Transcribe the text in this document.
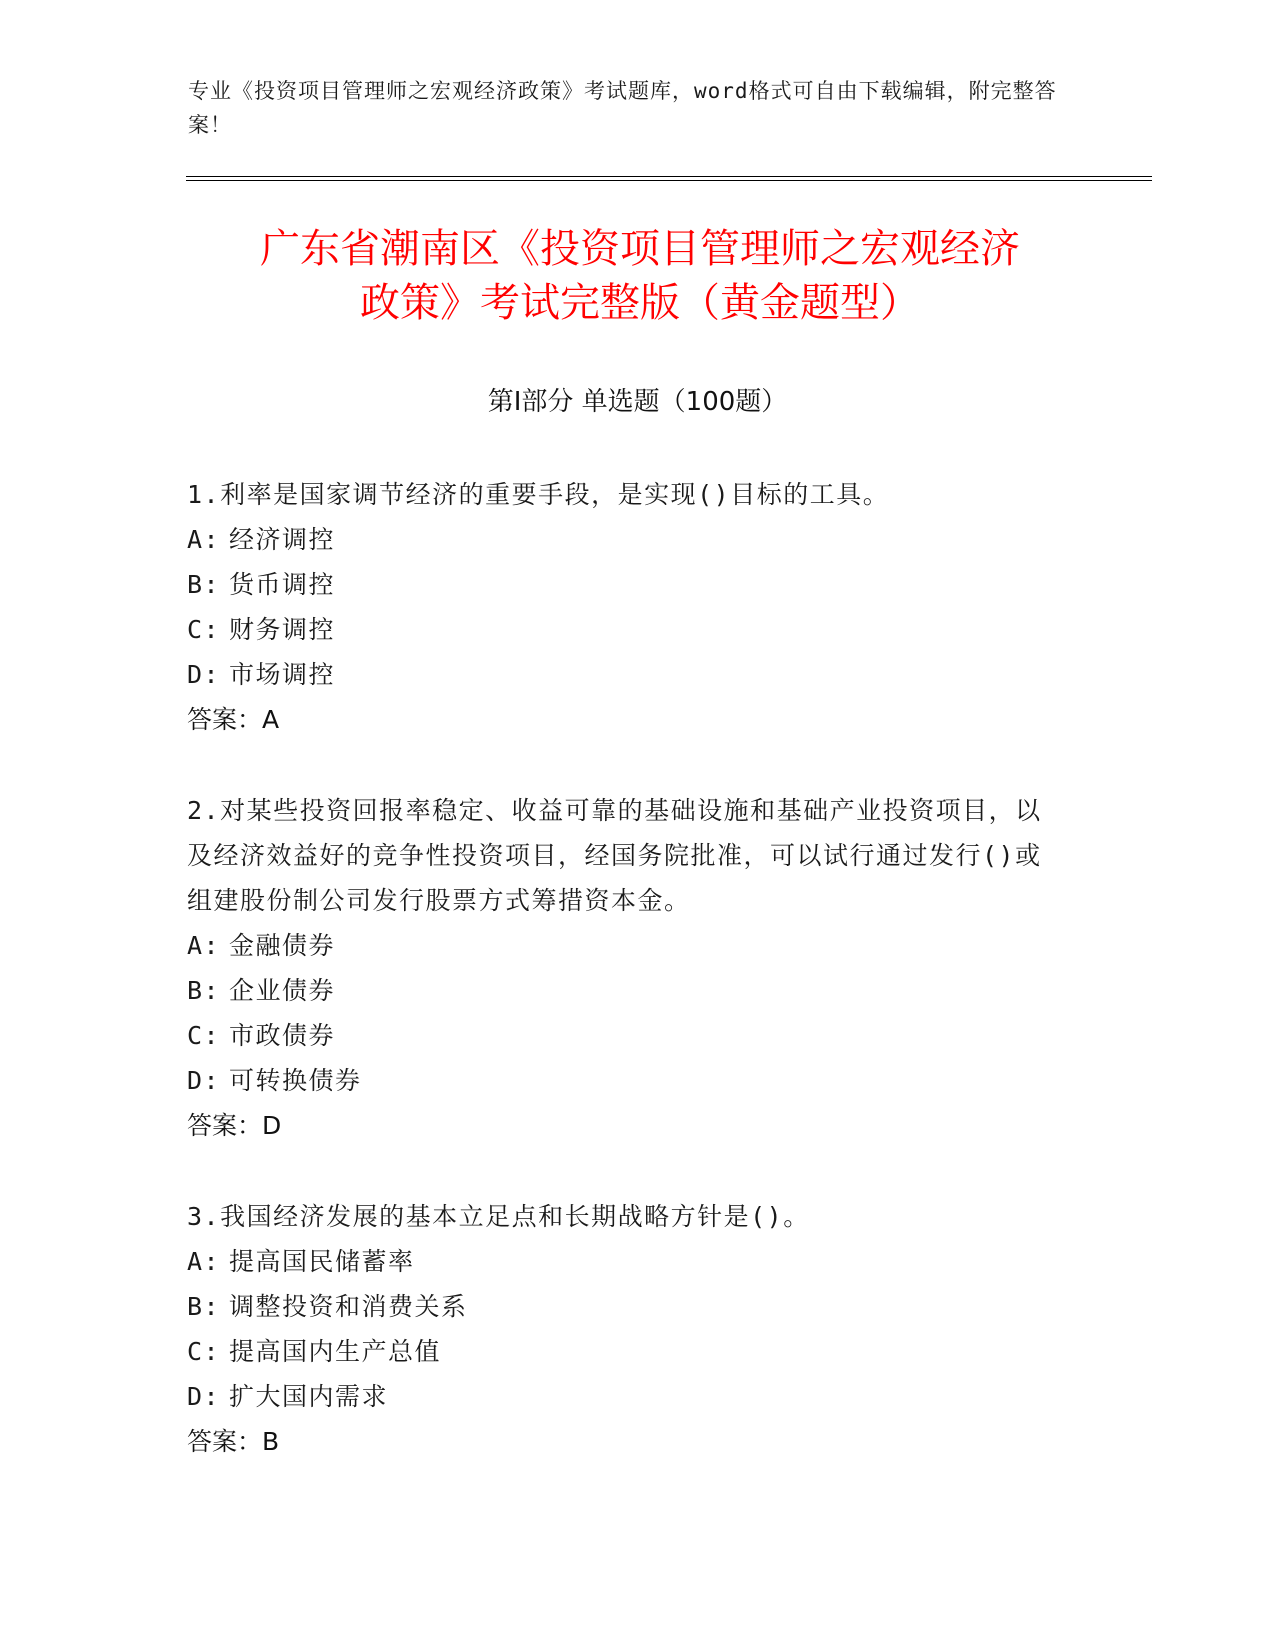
专业《投资项目管理师之宏观经济政策》考试题库，word格式可自由下载编辑，附完整答案！
广东省潮南区《投资项目管理师之宏观经济
政策》考试完整版（黄金题型）
第Ⅰ部分 单选题（100题）
1.利率是国家调节经济的重要手段，是实现()目标的工具。
A: 经济调控
B: 货币调控
C: 财务调控
D: 市场调控
答案：A
2.对某些投资回报率稳定、收益可靠的基础设施和基础产业投资项目，以及经济效益好的竞争性投资项目，经国务院批准，可以试行通过发行()或组建股份制公司发行股票方式筹措资本金。
A: 金融债券
B: 企业债券
C: 市政债券
D: 可转换债券
答案：D
3.我国经济发展的基本立足点和长期战略方针是()。
A: 提高国民储蓄率
B: 调整投资和消费关系
C: 提高国内生产总值
D: 扩大国内需求
答案：B
